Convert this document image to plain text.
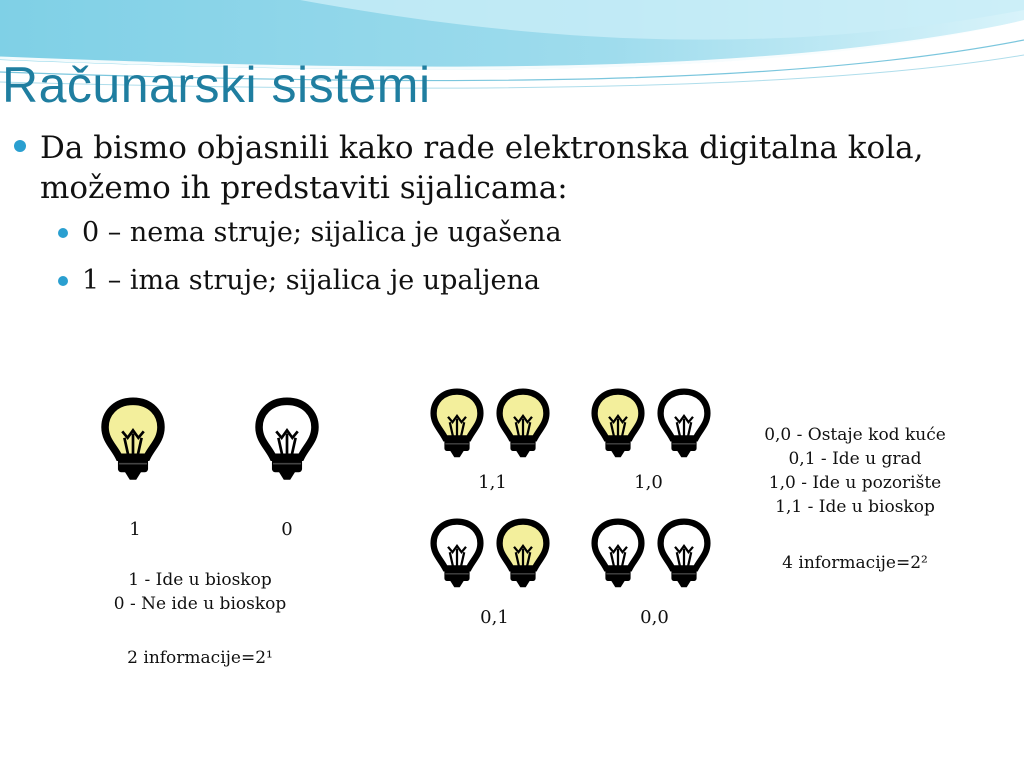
Računarski sistemi
Da bismo objasnili kako rade elektronska digitalna kola, možemo ih predstaviti sijalicama:
0 – nema struje; sijalica je ugašena
1 – ima struje; sijalica je upaljena
1	0
1 - Ide u bioskop
0 - Ne ide u bioskop
2 informacije=2¹
1,1	1,0
0,1	0,0
0,0 - Ostaje kod kuće
0,1 - Ide u grad
1,0 - Ide u pozorište
1,1 - Ide u bioskop
4 informacije=2²
